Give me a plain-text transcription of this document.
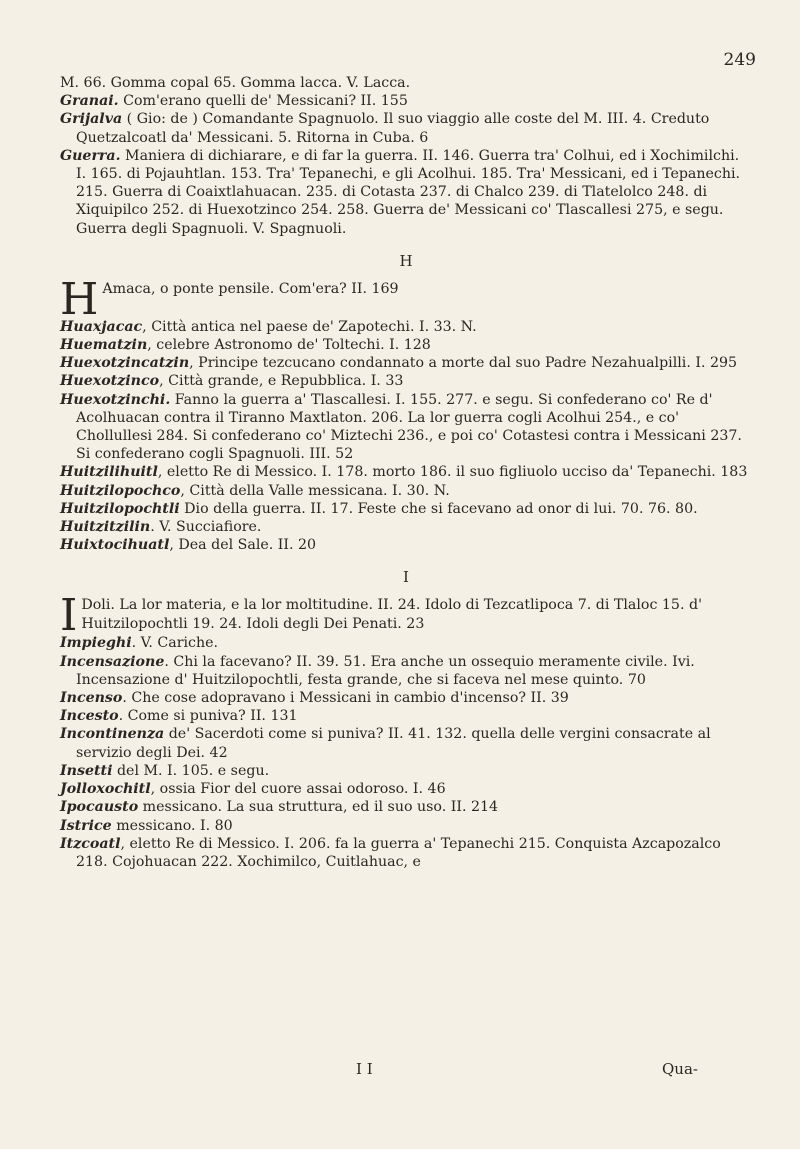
249

M. 66. Gomma copal 65. Gomma lacca. V. Lacca.

Granai. Com'erano quelli de' Messicani? II. 155

Grijalva ( Gio: de ) Comandante Spagnuolo. Il suo viaggio alle coste del M. III. 4. Creduto Quetzalcoatl da' Messicani. 5. Ritorna in Cuba. 6

Guerra. Maniera di dichiarare, e di far la guerra. II. 146. Guerra tra' Colhui, ed i Xochimilchi. I. 165. di Pojauhtlan. 153. Tra' Tepanechi, e gli Acolhui. 185. Tra' Messicani, ed i Tepanechi. 215. Guerra di Coaixtlahuacan. 235. di Cotasta 237. di Chalco 239. di Tlatelolco 248. di Xiquipilco 252. di Huexotzinco 254. 258. Guerra de' Messicani co' Tlascallesi 275, e segu. Guerra degli Spagnuoli. V. Spagnuoli.

H

H Amaca, o ponte pensile. Com'era? II. 169

Huaxjacac, Città antica nel paese de' Zapotechi. I. 33. N.

Huematzin, celebre Astronomo de' Toltechi. I. 128

Huexotzincatzin, Principe tezcucano condannato a morte dal suo Padre Nezahualpilli. I. 295

Huexotzinco, Città grande, e Repubblica. I. 33

Huexotzinchi. Fanno la guerra a' Tlascallesi. I. 155. 277. e segu. Si confederano co' Re d' Acolhuacan contra il Tiranno Maxtlaton. 206. La lor guerra cogli Acolhui 254., e co' Chollullesi 284. Si confederano co' Miztechi 236., e poi co' Cotastesi contra i Messicani 237. Si confederano cogli Spagnuoli. III. 52

Huitzilihuitl, eletto Re di Messico. I. 178. morto 186. il suo figliuolo ucciso da' Tepanechi. 183

Huitzilopochco, Città della Valle messicana. I. 30. N.

Huitzilopochtli Dio della guerra. II. 17. Feste che si facevano ad onor di lui. 70. 76. 80.

Huitzitzilin. V. Succiafiore.

Huixtocihuatl, Dea del Sale. II. 20

I

I Doli. La lor materia, e la lor moltitudine. II. 24. Idolo di Tezcatlipoca 7. di Tlaloc 15. d' Huitzilopochtli 19. 24. Idoli degli Dei Penati. 23

Impieghi. V. Cariche.

Incensazione. Chi la facevano? II. 39. 51. Era anche un ossequio meramente civile. Ivi. Incensazione d' Huitzilopochtli, festa grande, che si faceva nel mese quinto. 70

Incenso. Che cose adopravano i Messicani in cambio d'incenso? II. 39

Incesto. Come si puniva? II. 131

Incontinenza de' Sacerdoti come si puniva? II. 41. 132. quella delle vergini consacrate al servizio degli Dei. 42

Insetti del M. I. 105. e segu.

Jolloxochitl, ossia Fior del cuore assai odoroso. I. 46

Ipocausto messicano. La sua struttura, ed il suo uso. II. 214

Istrice messicano. I. 80

Itzcoatl, eletto Re di Messico. I. 206. fa la guerra a' Tepanechi 215. Conquista Azcapozalco 218. Cojohuacan 222. Xochimilco, Cuitlahuac, e

I I	Qua-
